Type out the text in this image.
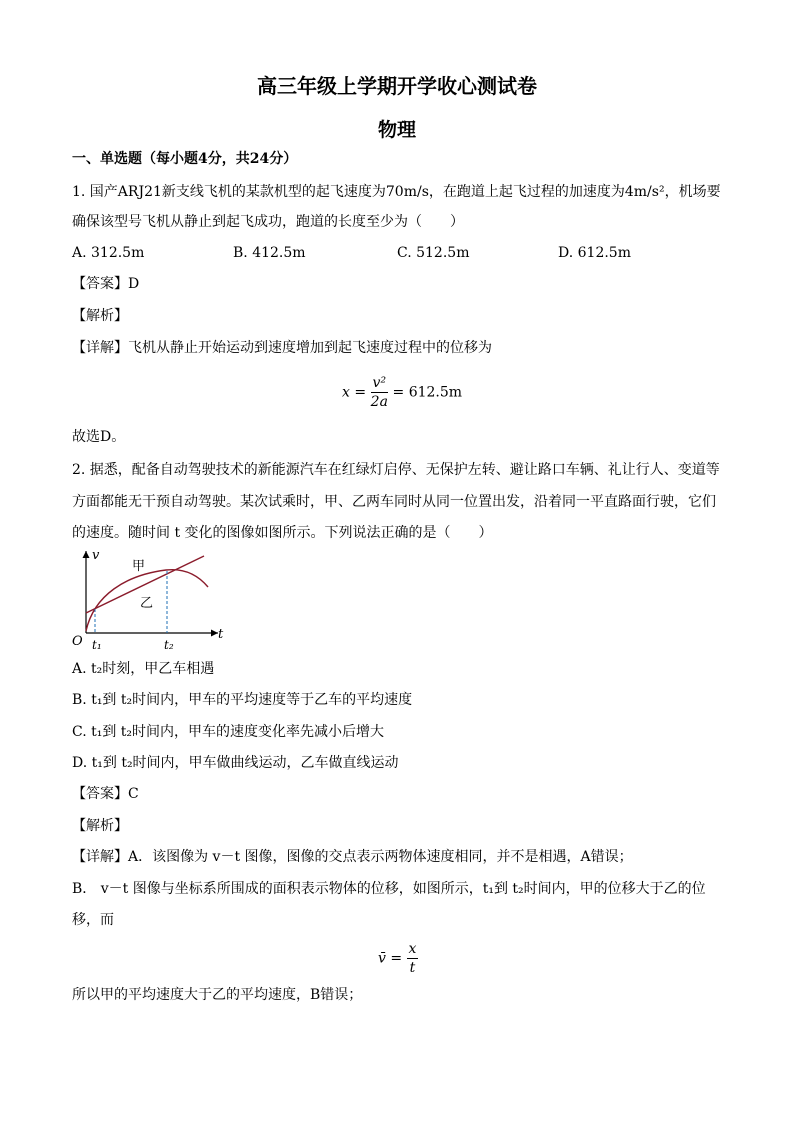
高三年级上学期开学收心测试卷
物理
一、单选题（每小题4分，共24分）
1. 国产ARJ21新支线飞机的某款机型的起飞速度为70m/s，在跑道上起飞过程的加速度为4m/s²，机场要
确保该型号飞机从静止到起飞成功，跑道的长度至少为（　　）
A. 312.5m	B. 412.5m	C. 512.5m	D. 612.5m
【答案】D
【解析】
【详解】飞机从静止开始运动到速度增加到起飞速度过程中的位移为
$x = \frac{\text{v²}}{2a} = 612.5m$
故选D。
2. 据悉，配备自动驾驶技术的新能源汽车在红绿灯启停、无保护左转、避让路口车辆、礼让行人、变道等
方面都能无干预自动驾驶。某次试乘时，甲、乙两车同时从同一位置出发，沿着同一平直路面行驶，它们
的速度。随时间 t 变化的图像如图所示。下列说法正确的是（　　）
v
t
O t₁	t₂
甲
乙
A. t₂时刻，甲乙车相遇
B. t₁到 t₂时间内，甲车的平均速度等于乙车的平均速度
C. t₁到 t₂时间内，甲车的速度变化率先减小后增大
D. t₁到 t₂时间内，甲车做曲线运动，乙车做直线运动
【答案】C
【解析】
【详解】A．该图像为 v－t 图像，图像的交点表示两物体速度相同，并不是相遇，A错误；
B． v－t 图像与坐标系所围成的面积表示物体的位移，如图所示，t₁到 t₂时间内，甲的位移大于乙的位
移，而
v̄ = $\frac{x}{t}$
所以甲的平均速度大于乙的平均速度，B错误；
